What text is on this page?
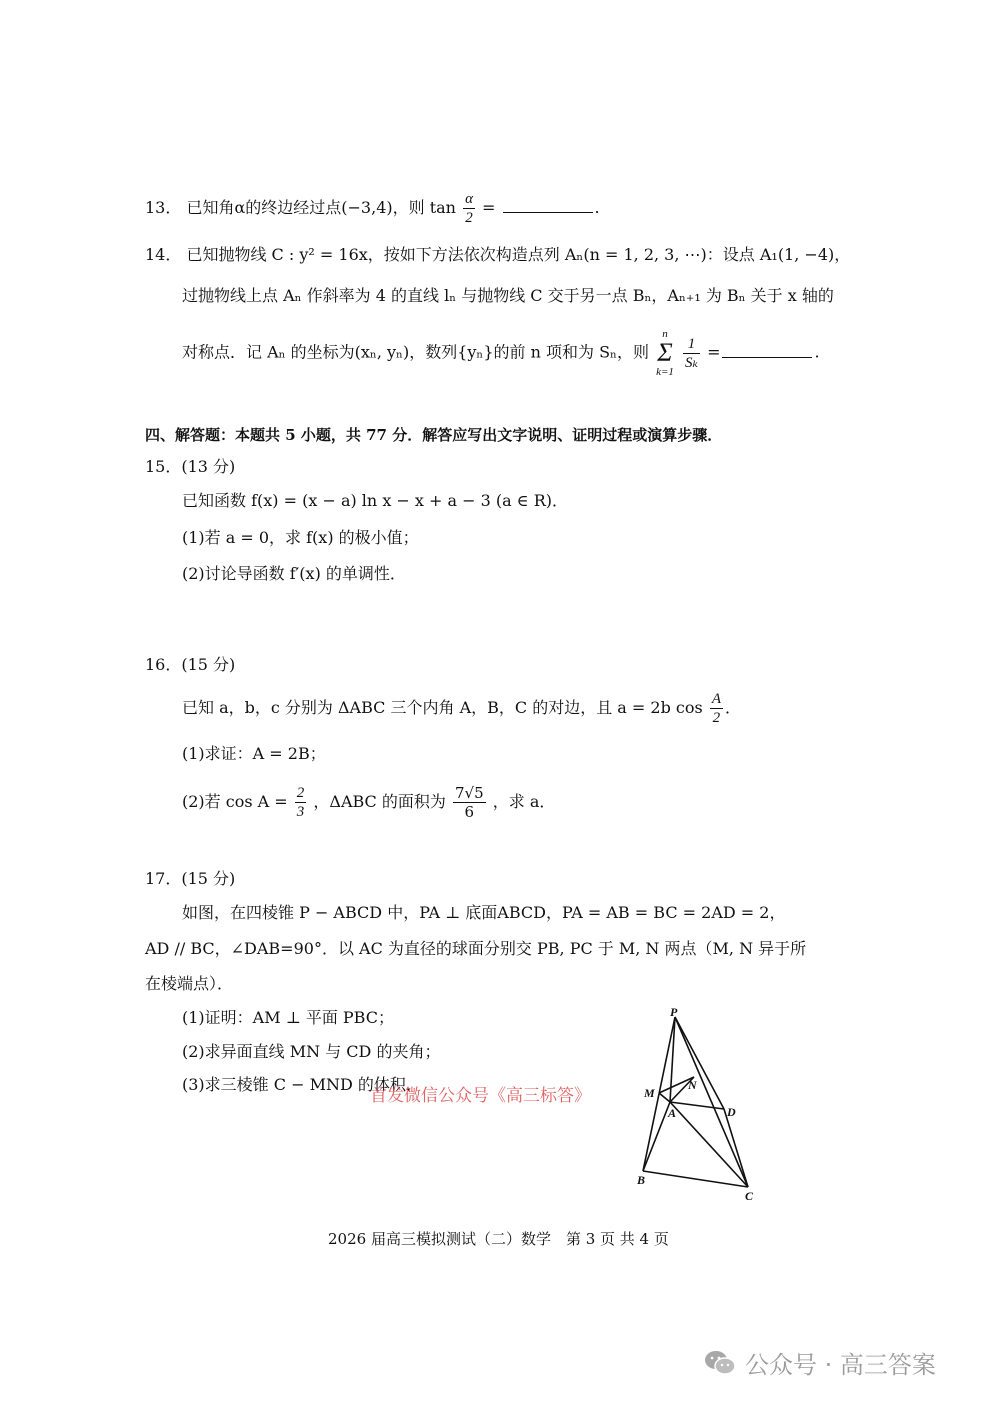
13． 已知角α的终边经过点(−3,4)，则 $\tan \frac{\alpha}{2}$ =	.
14． 已知抛物线 C : y² = 16x，按如下方法依次构造点列 Aₙ(n = 1, 2, 3, ⋯)：设点 A₁(1, −4)，
过抛物线上点 Aₙ 作斜率为 4 的直线 lₙ 与抛物线 C 交于另一点 Bₙ，Aₙ₊₁ 为 Bₙ 关于 x 轴的
对称点．记 Aₙ 的坐标为(xₙ, yₙ)，数列{yₙ}的前 n 项和为 Sₙ，则 n
Σ
k=1
$\frac{1}{\text{Sₖ}}$ =	.
四、解答题：本题共 5 小题，共 77 分．解答应写出文字说明、证明过程或演算步骤．
15．(13 分)
已知函数 f(x) = (x − a) ln x − x + a − 3 (a ∈ R)．
(1)若 a = 0，求 f(x) 的极小值；
(2)讨论导函数 f′(x) 的单调性．
16．(15 分)
已知 a，b，c 分别为 ΔABC 三个内角 A，B，C 的对边，且 a = 2b $\cos \frac{A}{2}$ ．
(1)求证：A = 2B；
(2)若 $\cos A = \frac{2}{3}$ ，ΔABC 的面积为 $\frac{7√5}{6}$ ，求 a．
17．(15 分)
如图，在四棱锥 P − ABCD 中，PA ⊥ 底面ABCD，PA = AB = BC = 2AD = 2，
AD // BC，∠DAB=90°．以 AC 为直径的球面分别交 PB, PC 于 M, N 两点（M, N 异于所
在棱端点）．
(1)证明：AM ⊥ 平面 PBC；
(2)求异面直线 MN 与 CD 的夹角；
(3)求三棱锥 C − MND 的体积．
首发微信公众号《高三标答》
P
M
N
A	D
B
C
2026 届高三模拟测试（二）数学　第 3 页 共 4 页
公众号 · 高三答案
